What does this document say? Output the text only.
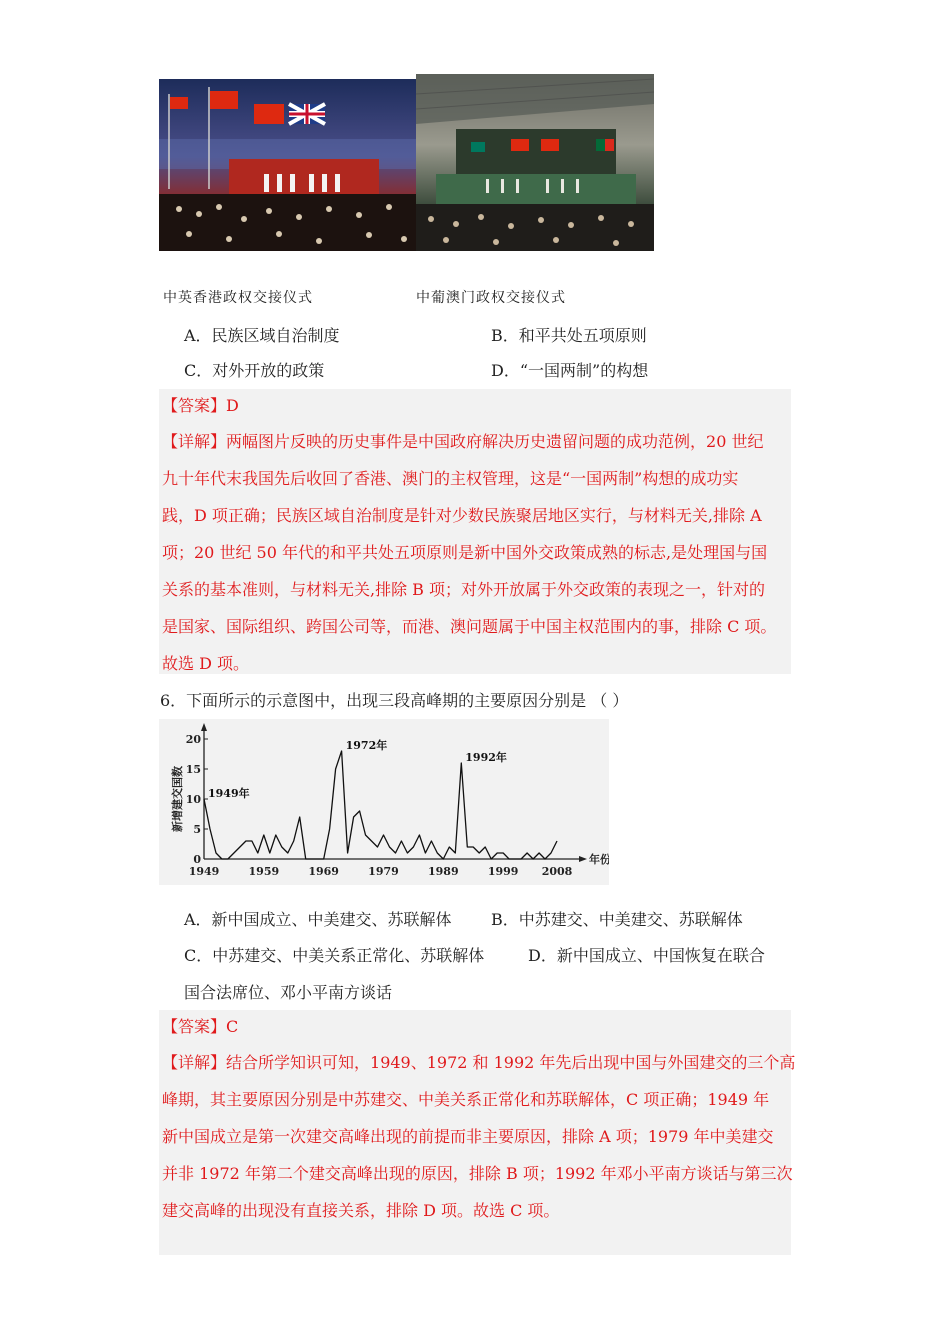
中英香港政权交接仪式	中葡澳门政权交接仪式
A．民族区域自治制度	B．和平共处五项原则
C．对外开放的政策	D．“一国两制”的构想
【答案】D
【详解】两幅图片反映的历史事件是中国政府解决历史遗留问题的成功范例，20 世纪
九十年代末我国先后收回了香港、澳门的主权管理，这是“一国两制”构想的成功实
践，D 项正确；民族区域自治制度是针对少数民族聚居地区实行，与材料无关,排除 A
项；20 世纪 50 年代的和平共处五项原则是新中国外交政策成熟的标志,是处理国与国
关系的基本准则，与材料无关,排除 B 项；对外开放属于外交政策的表现之一，针对的
是国家、国际组织、跨国公司等，而港、澳问题属于中国主权范围内的事，排除 C 项。
故选 D 项。
6．下面所示的示意图中，出现三段高峰期的主要原因分别是 （ ）
0
5
10
15
20
1949	1959	1969	1979	1989	1999 2008
新增建交国数
年份
1949年
1972年
1992年
A．新中国成立、中美建交、苏联解体 B．中苏建交、中美建交、苏联解体
C．中苏建交、中美关系正常化、苏联解体	D．新中国成立、中国恢复在联合
国合法席位、邓小平南方谈话
【答案】C
【详解】结合所学知识可知，1949、1972 和 1992 年先后出现中国与外国建交的三个高
峰期，其主要原因分别是中苏建交、中美关系正常化和苏联解体，C 项正确；1949 年
新中国成立是第一次建交高峰出现的前提而非主要原因，排除 A 项；1979 年中美建交
并非 1972 年第二个建交高峰出现的原因，排除 B 项；1992 年邓小平南方谈话与第三次
建交高峰的出现没有直接关系，排除 D 项。故选 C 项。
